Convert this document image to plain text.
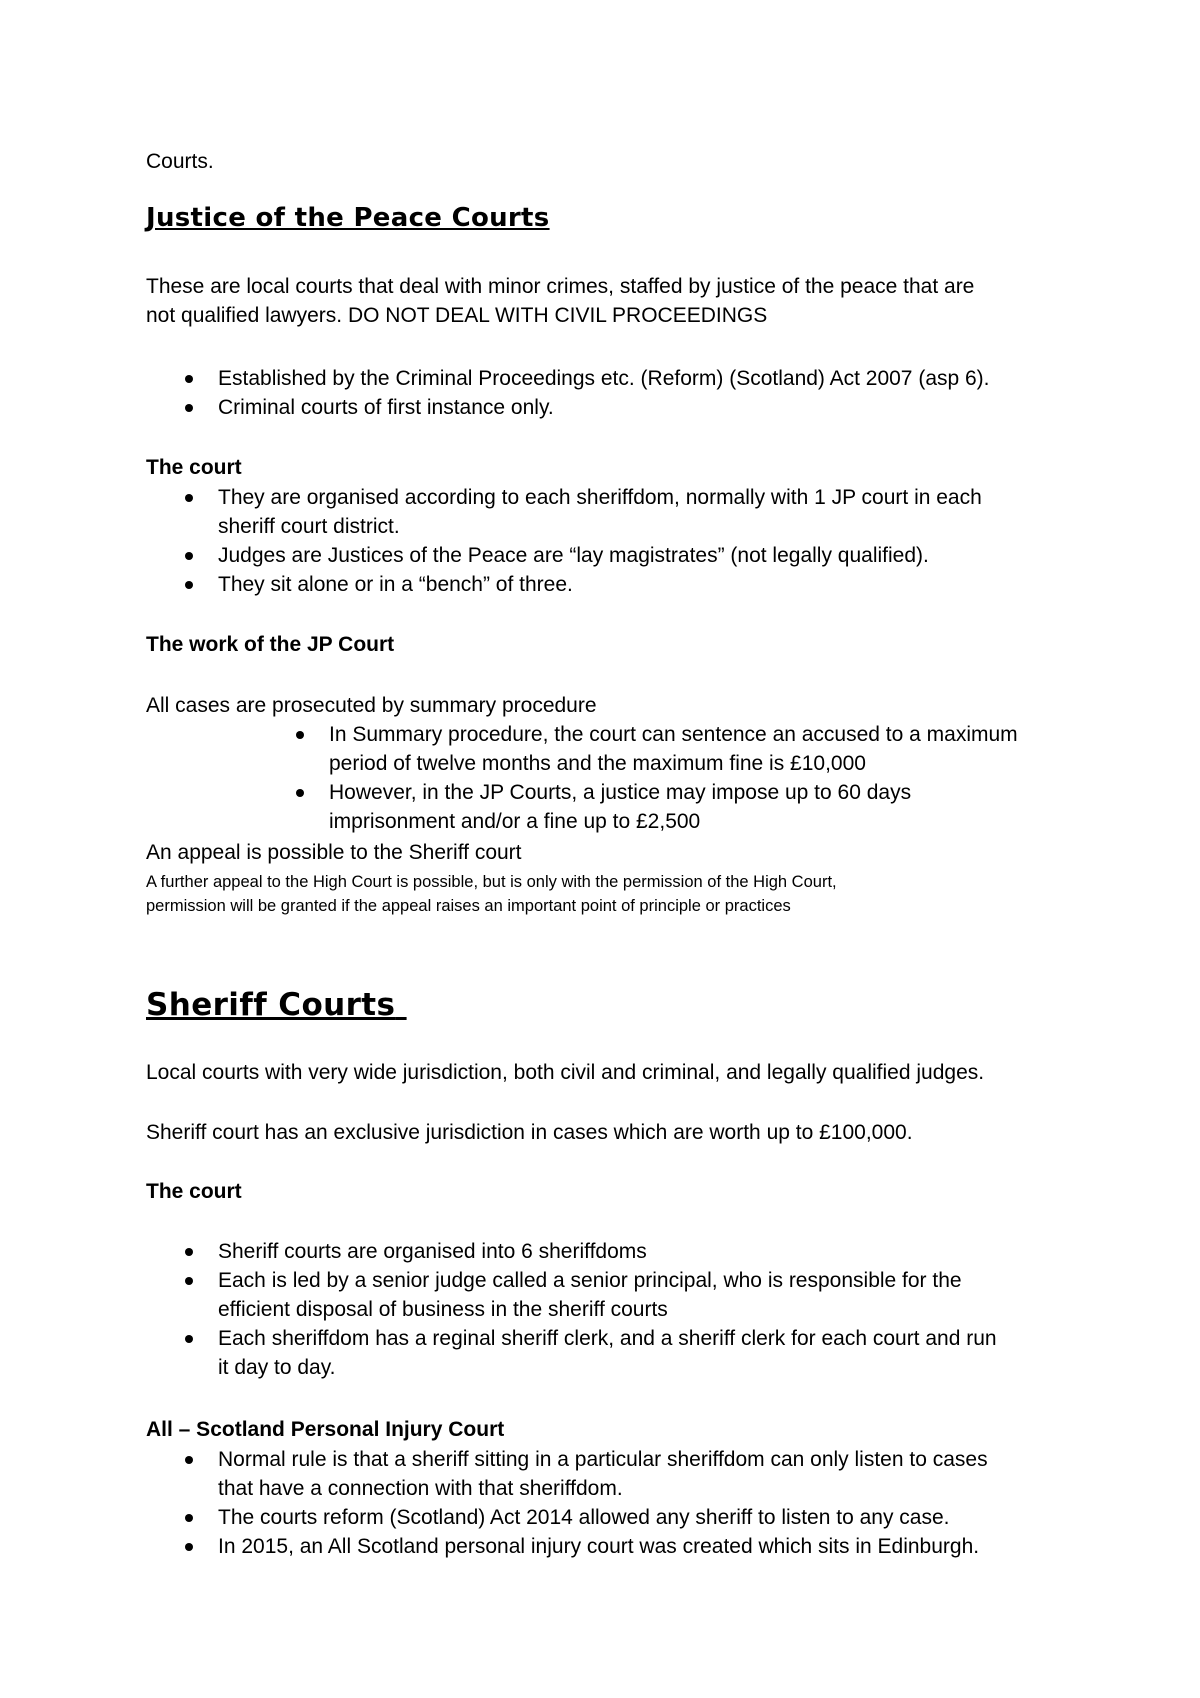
Courts.

Justice of the Peace Courts

These are local courts that deal with minor crimes, staffed by justice of the peace that are
not qualified lawyers. DO NOT DEAL WITH CIVIL PROCEEDINGS
Established by the Criminal Proceedings etc. (Reform) (Scotland) Act 2007 (asp 6).
Criminal courts of first instance only.

The court

They are organised according to each sheriffdom, normally with 1 JP court in each
sheriff court district.
Judges are Justices of the Peace are “lay magistrates” (not legally qualified).
They sit alone or in a “bench” of three.

The work of the JP Court

All cases are prosecuted by summary procedure

In Summary procedure, the court can sentence an accused to a maximum
period of twelve months and the maximum fine is £10,000
However, in the JP Courts, a justice may impose up to 60 days
imprisonment and/or a fine up to £2,500

An appeal is possible to the Sheriff court

A further appeal to the High Court is possible, but is only with the permission of the High Court,
permission will be granted if the appeal raises an important point of principle or practices

Sheriff Courts

Local courts with very wide jurisdiction, both civil and criminal, and legally qualified judges.

Sheriff court has an exclusive jurisdiction in cases which are worth up to £100,000.

The court

Sheriff courts are organised into 6 sheriffdoms
Each is led by a senior judge called a senior principal, who is responsible for the
efficient disposal of business in the sheriff courts
Each sheriffdom has a reginal sheriff clerk, and a sheriff clerk for each court and run
it day to day.

All – Scotland Personal Injury Court

Normal rule is that a sheriff sitting in a particular sheriffdom can only listen to cases
that have a connection with that sheriffdom.
The courts reform (Scotland) Act 2014 allowed any sheriff to listen to any case.
In 2015, an All Scotland personal injury court was created which sits in Edinburgh.
